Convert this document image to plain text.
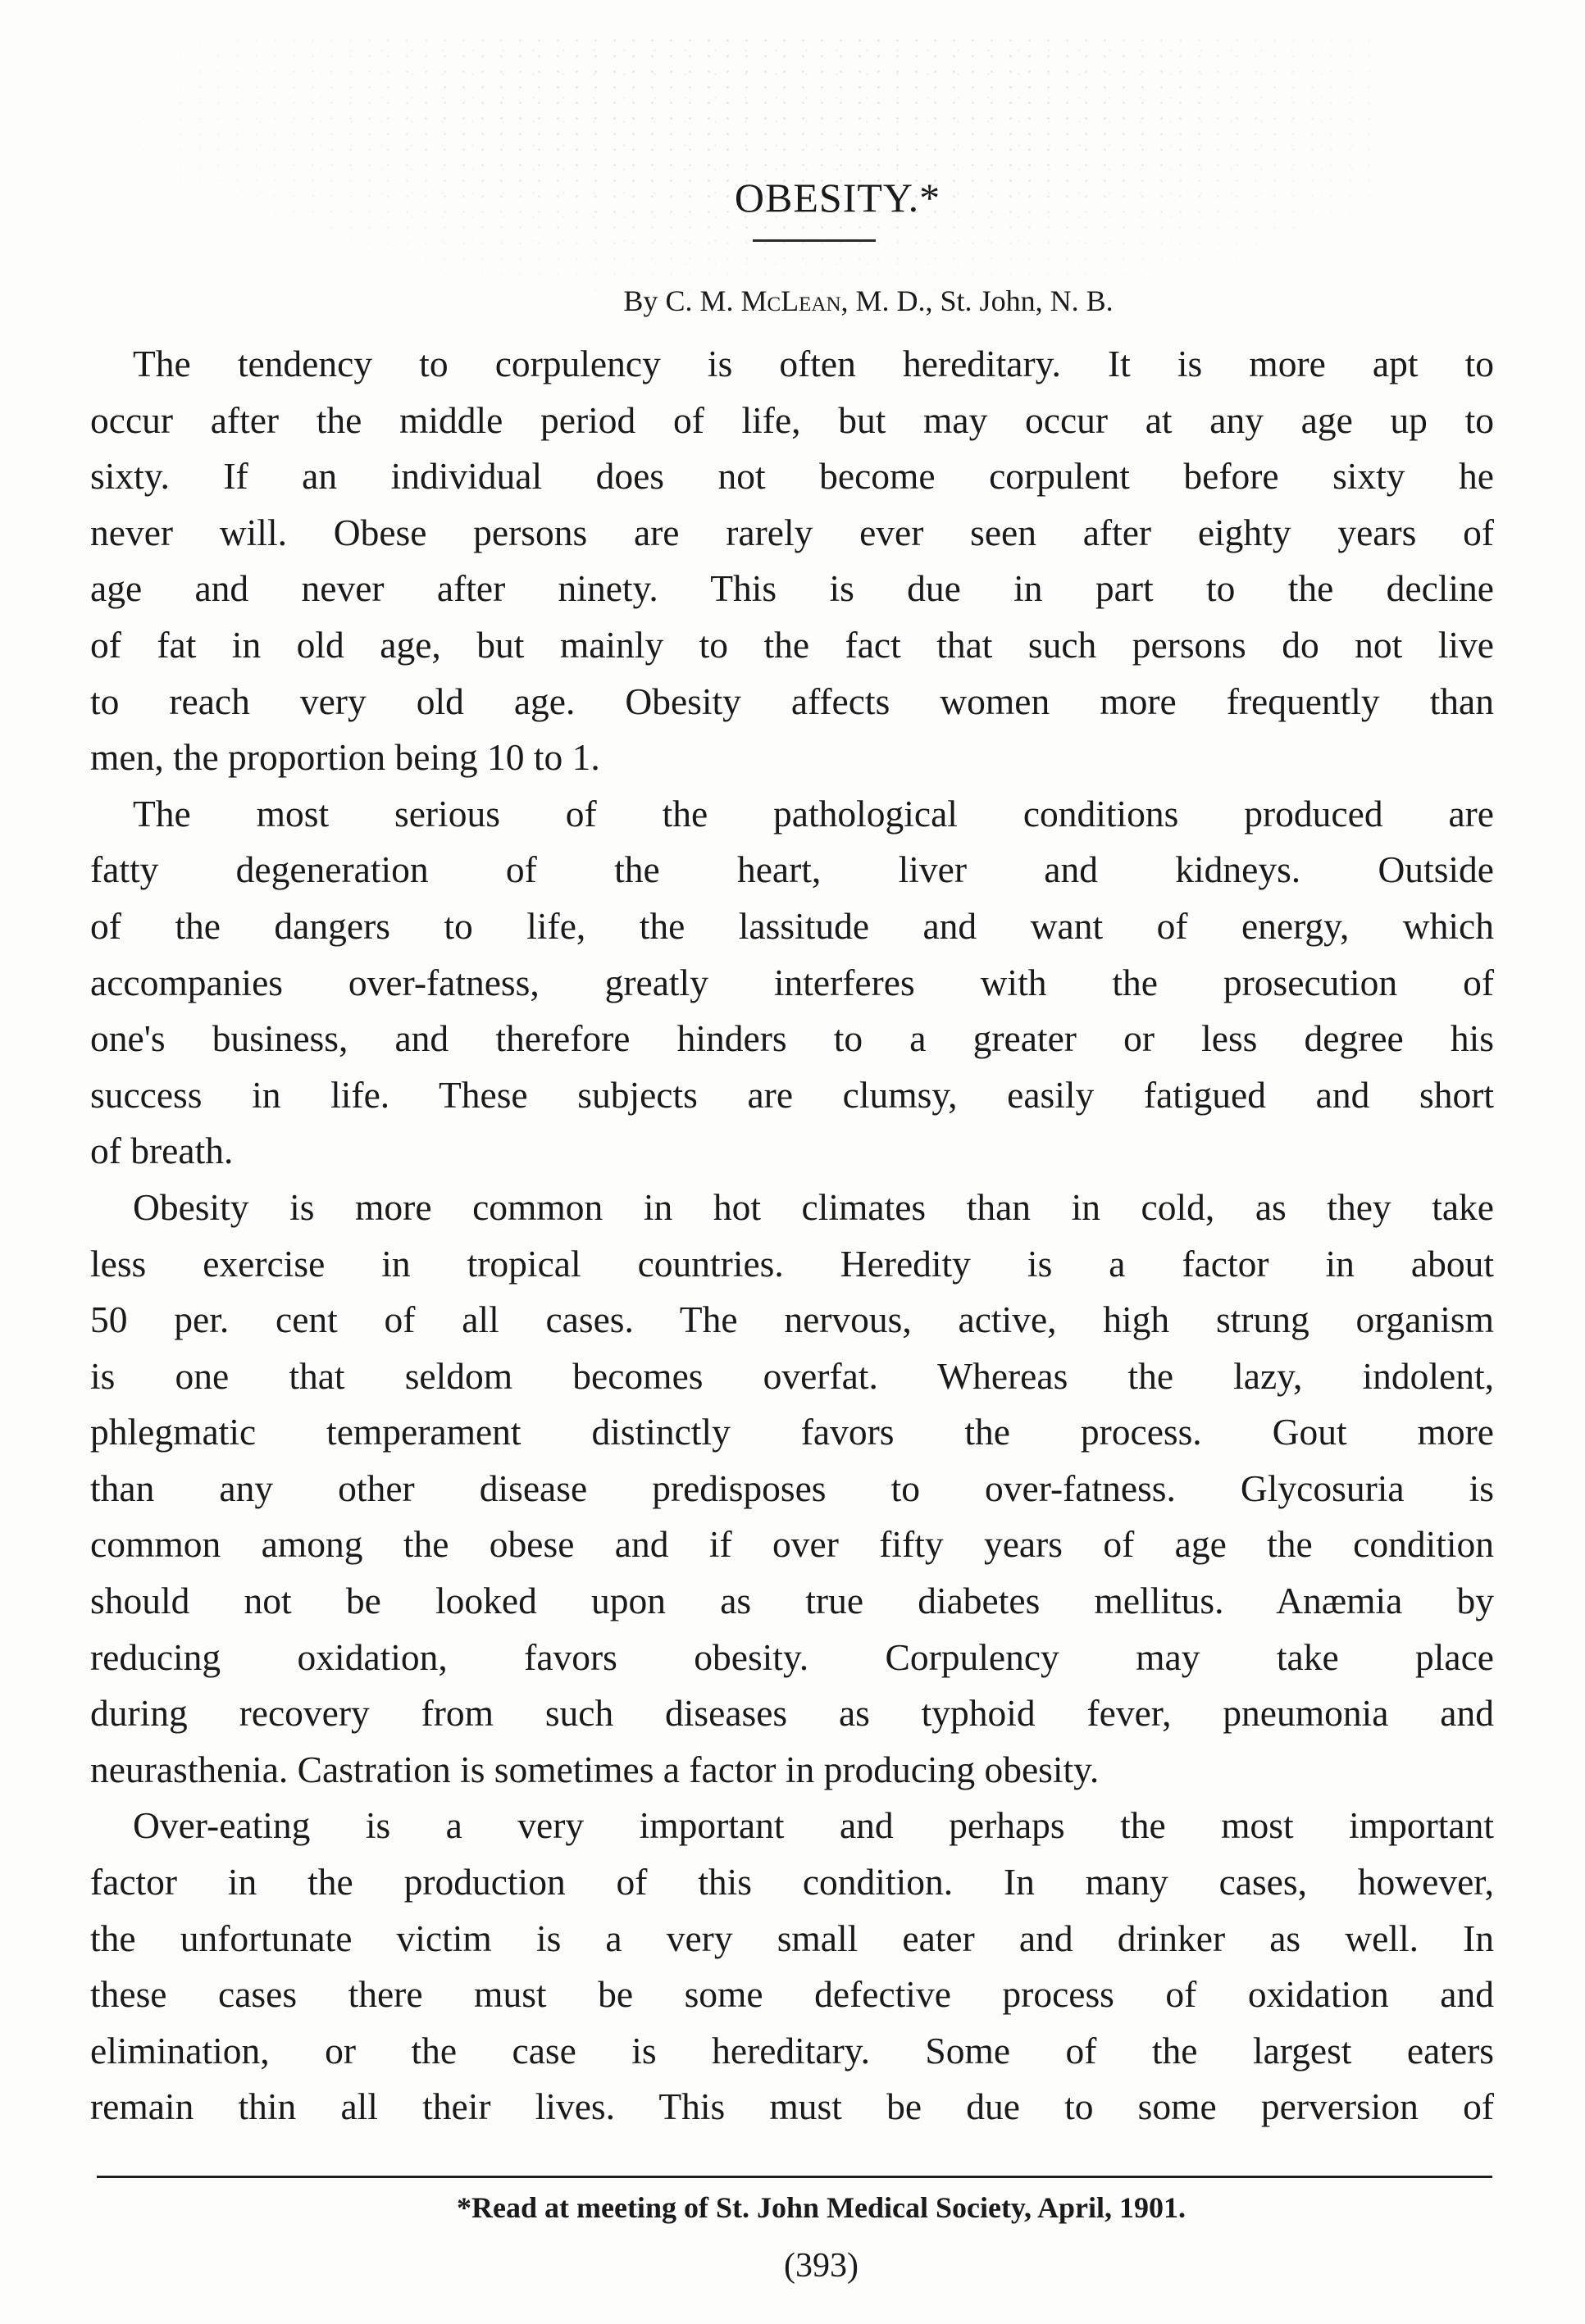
OBESITY.*
By C. M. McLean, M. D., St. John, N. B.
The tendency to corpulency is often hereditary. It is more apt to
occur after the middle period of life, but may occur at any age up to
sixty. If an individual does not become corpulent before sixty he
never will. Obese persons are rarely ever seen after eighty years of
age and never after ninety. This is due in part to the decline
of fat in old age, but mainly to the fact that such persons do not live
to reach very old age. Obesity affects women more frequently than
men, the proportion being 10 to 1.
The most serious of the pathological conditions produced are
fatty degeneration of the heart, liver and kidneys. Outside
of the dangers to life, the lassitude and want of energy, which
accompanies over-fatness, greatly interferes with the prosecution of
one's business, and therefore hinders to a greater or less degree his
success in life. These subjects are clumsy, easily fatigued and short
of breath.
Obesity is more common in hot climates than in cold, as they take
less exercise in tropical countries. Heredity is a factor in about
50 per. cent of all cases. The nervous, active, high strung organism
is one that seldom becomes overfat. Whereas the lazy, indolent,
phlegmatic temperament distinctly favors the process. Gout more
than any other disease predisposes to over-fatness. Glycosuria is
common among the obese and if over fifty years of age the condition
should not be looked upon as true diabetes mellitus. Anæmia by
reducing oxidation, favors obesity. Corpulency may take place
during recovery from such diseases as typhoid fever, pneumonia and
neurasthenia. Castration is sometimes a factor in producing obesity.
Over-eating is a very important and perhaps the most important
factor in the production of this condition. In many cases, however,
the unfortunate victim is a very small eater and drinker as well. In
these cases there must be some defective process of oxidation and
elimination, or the case is hereditary. Some of the largest eaters
remain thin all their lives. This must be due to some perversion of
*Read at meeting of St. John Medical Society, April, 1901.
(393)
